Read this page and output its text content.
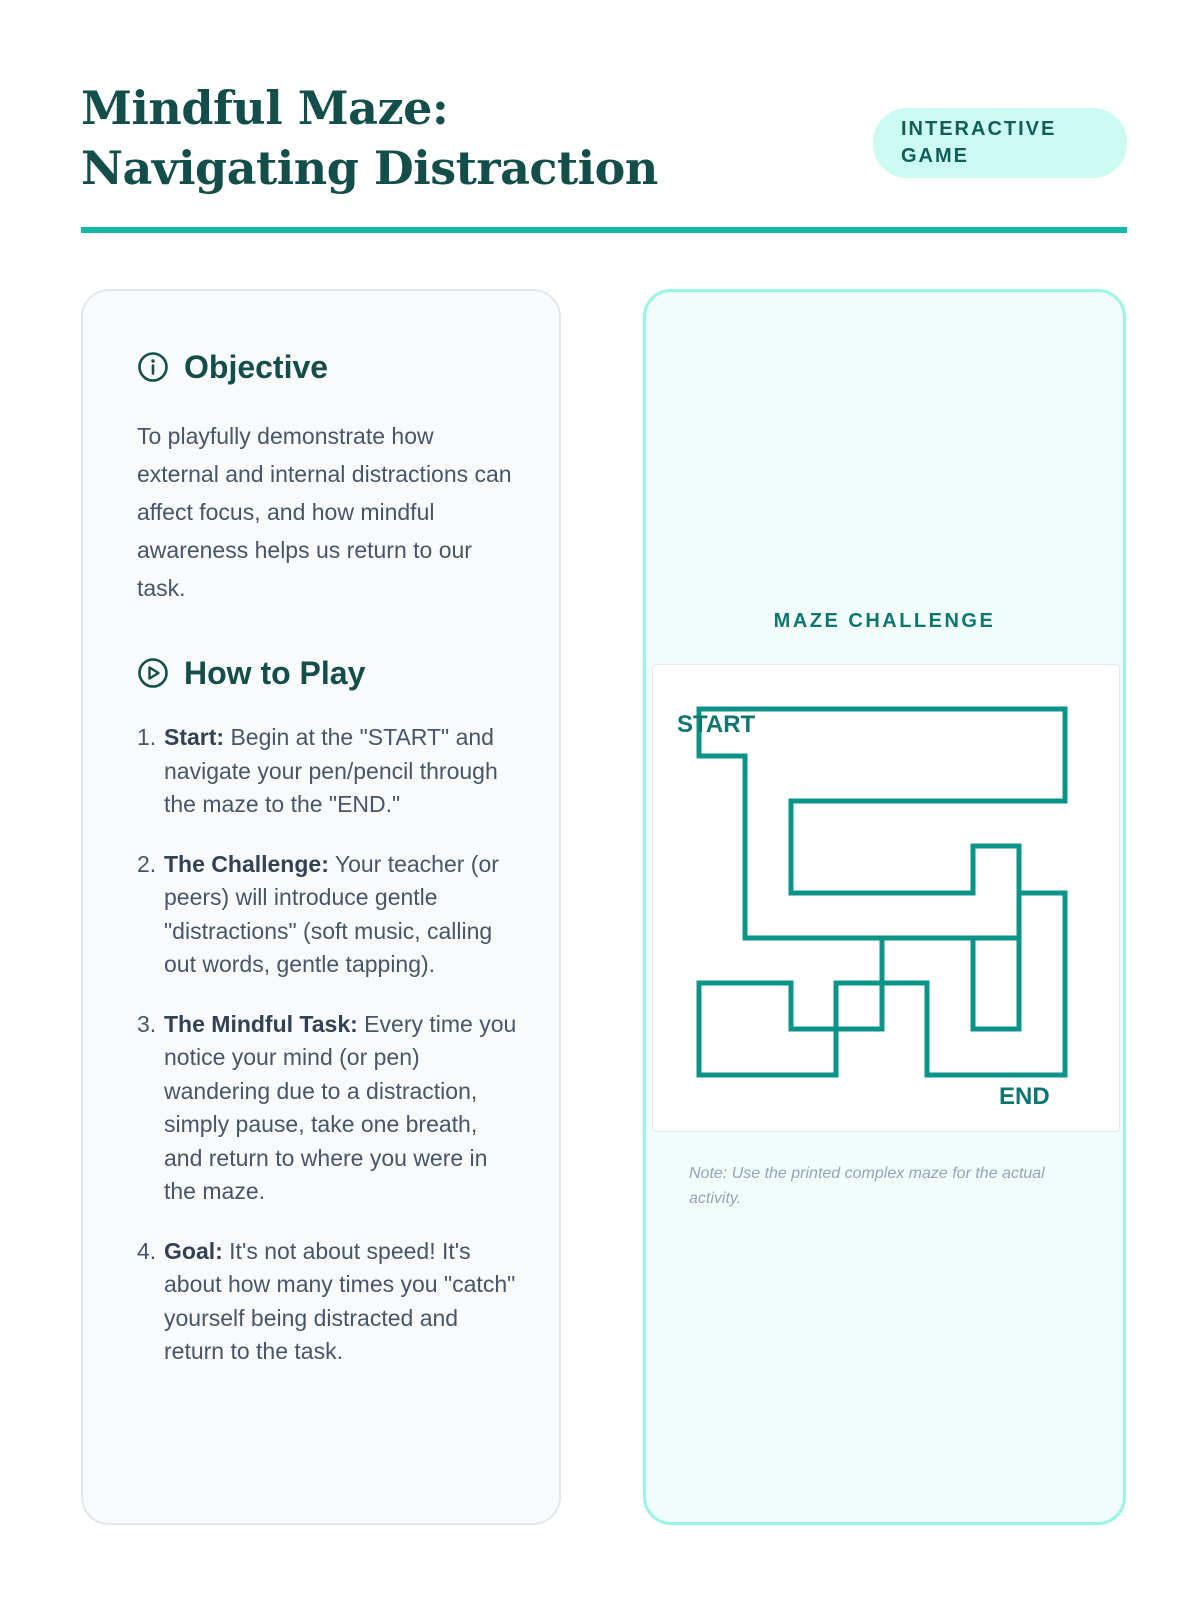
Mindful Maze: Navigating Distraction
INTERACTIVE GAME
Objective

To playfully demonstrate how external and internal distractions can affect focus, and how mindful awareness helps us return to our task.

How to Play
1. Start: Begin at the "START" and navigate your pen/pencil through the maze to the "END."
2. The Challenge: Your teacher (or peers) will introduce gentle "distractions" (soft music, calling out words, gentle tapping).
3. The Mindful Task: Every time you notice your mind (or pen) wandering due to a distraction, simply pause, take one breath, and return to where you were in the maze.
4. Goal: It's not about speed! It's about how many times you "catch" yourself being distracted and return to the task.
MAZE CHALLENGE
START
END
Note: Use the printed complex maze for the actual activity.
